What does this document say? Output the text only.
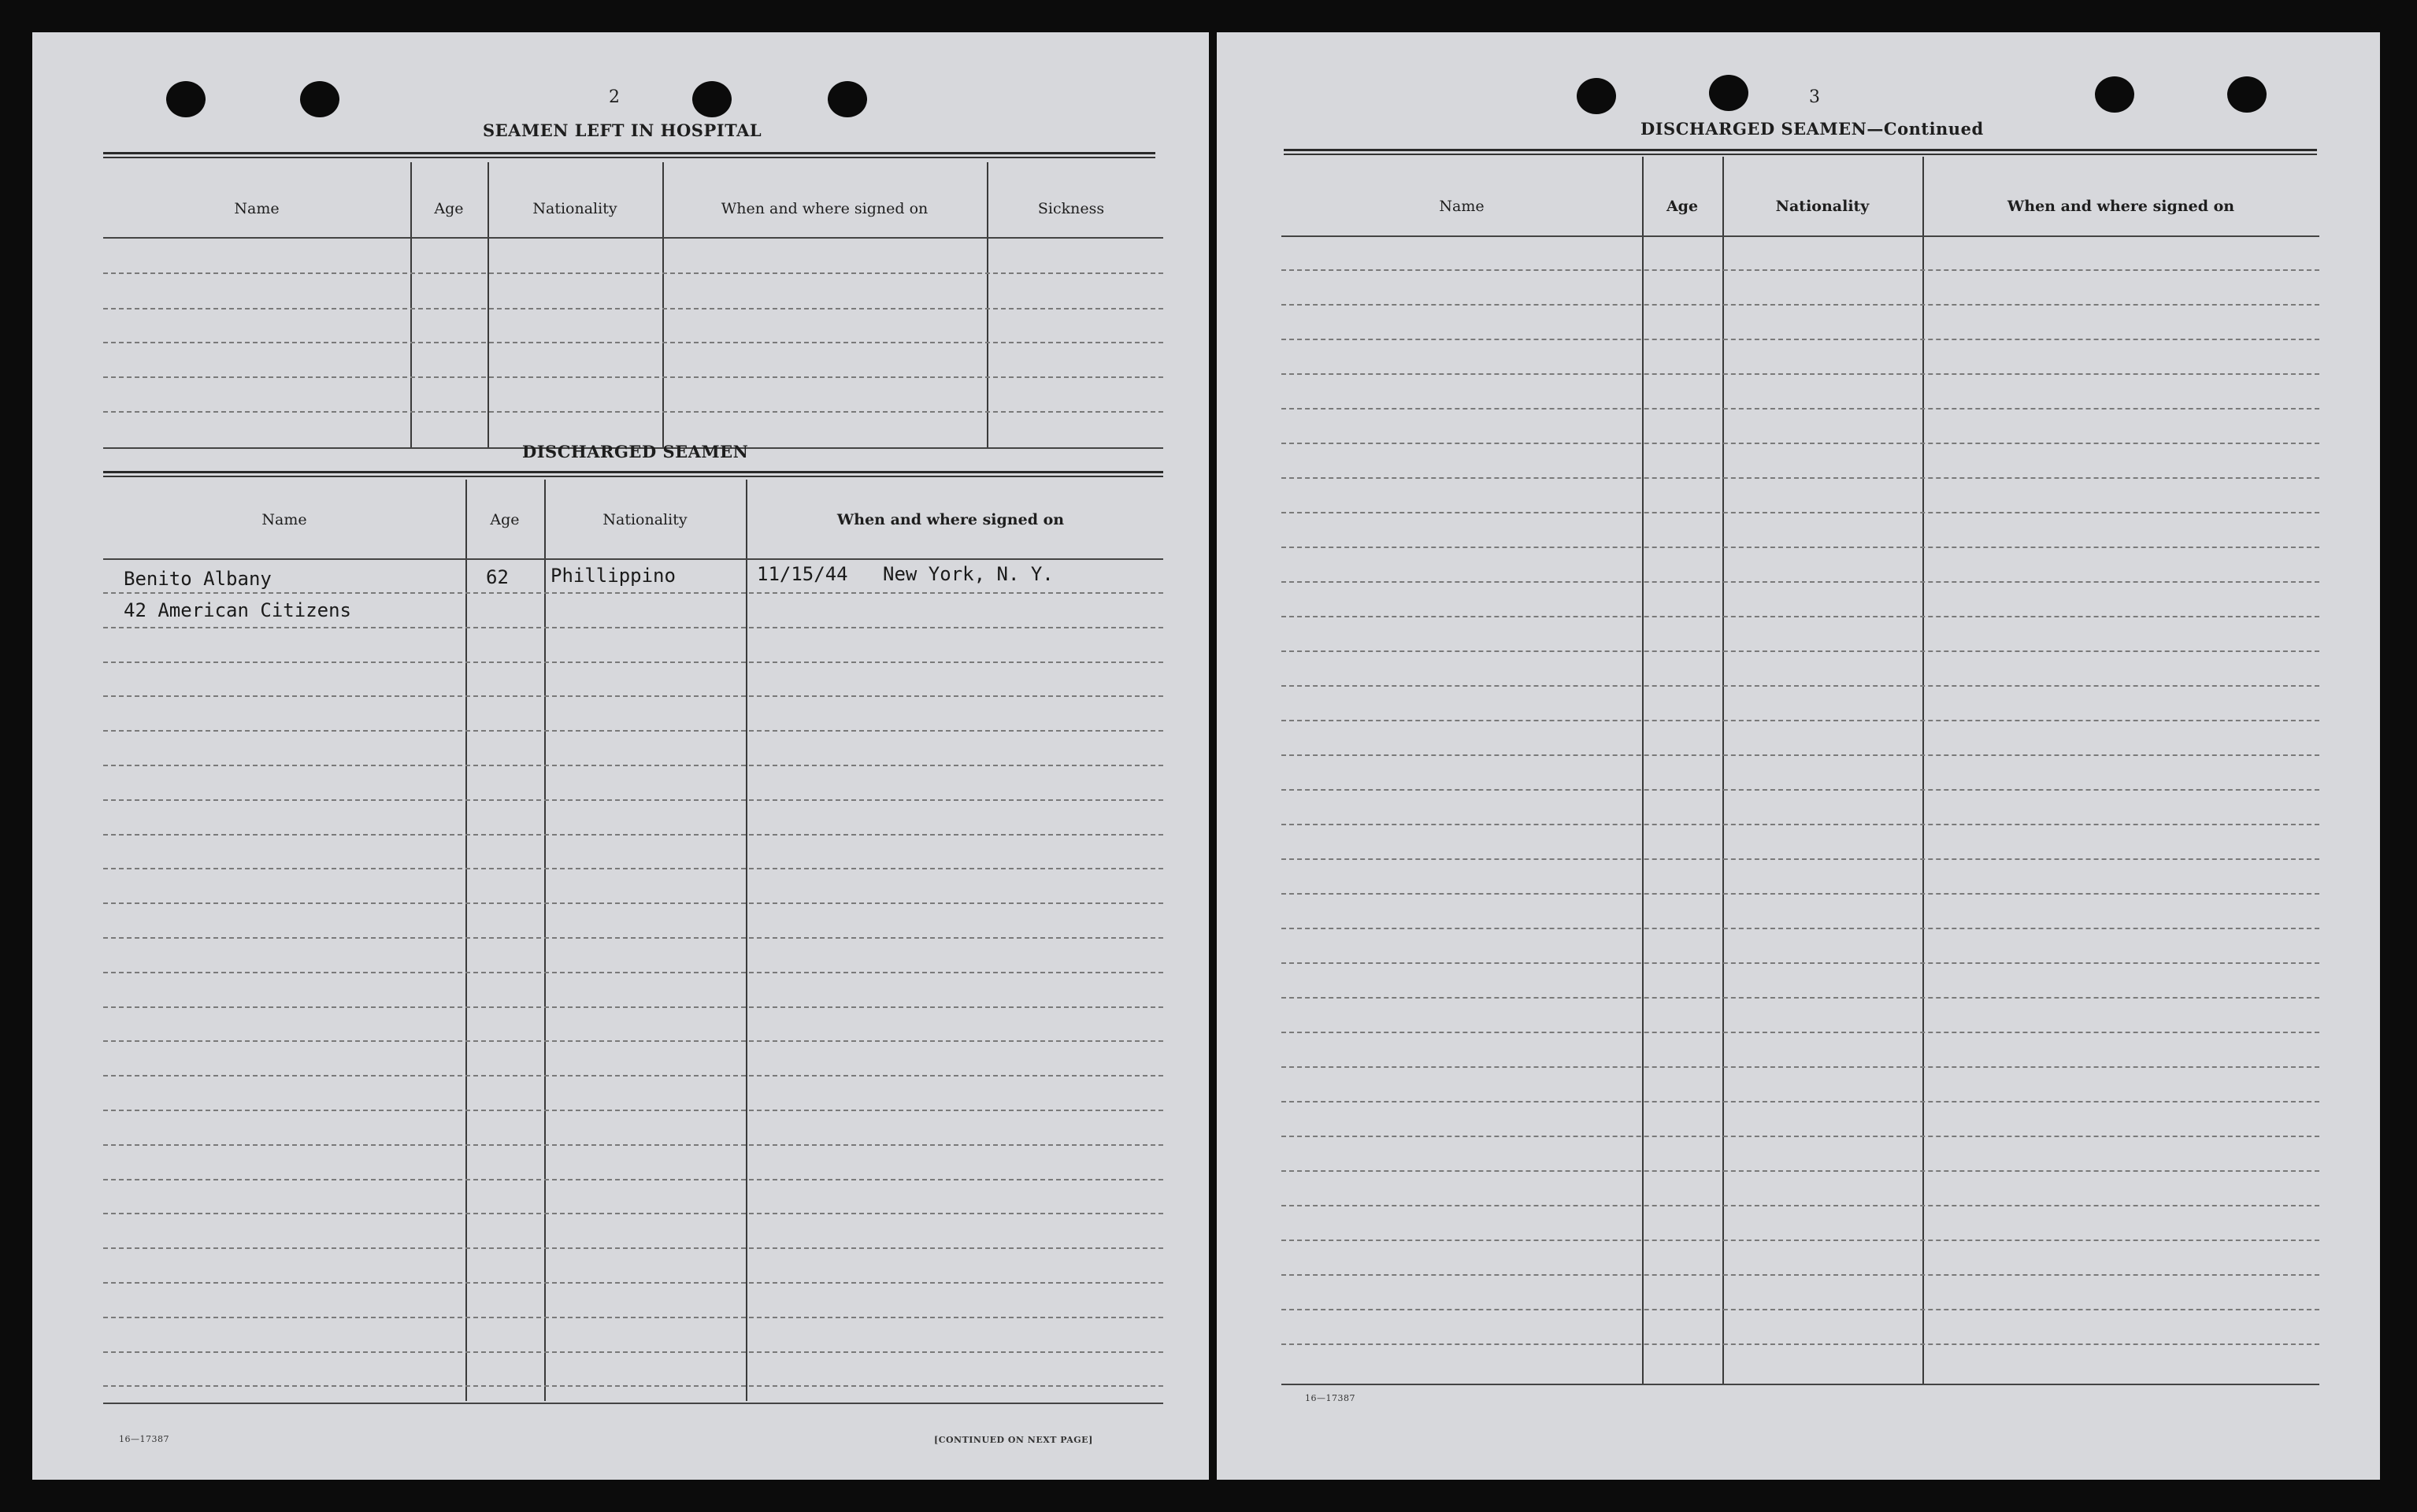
2
SEAMEN LEFT IN HOSPITAL
Name	Age	Nationality	When and where signed on	Sickness
DISCHARGED SEAMEN
Name	Age	Nationality	When and where signed on
Benito Albany	62 Phillippino	11/15/44 New York, N. Y.
42 American Citizens
16—17387	[CONTINUED ON NEXT PAGE]
3
DISCHARGED SEAMEN—Continued
Name	Age	Nationality	When and where signed on
16—17387
